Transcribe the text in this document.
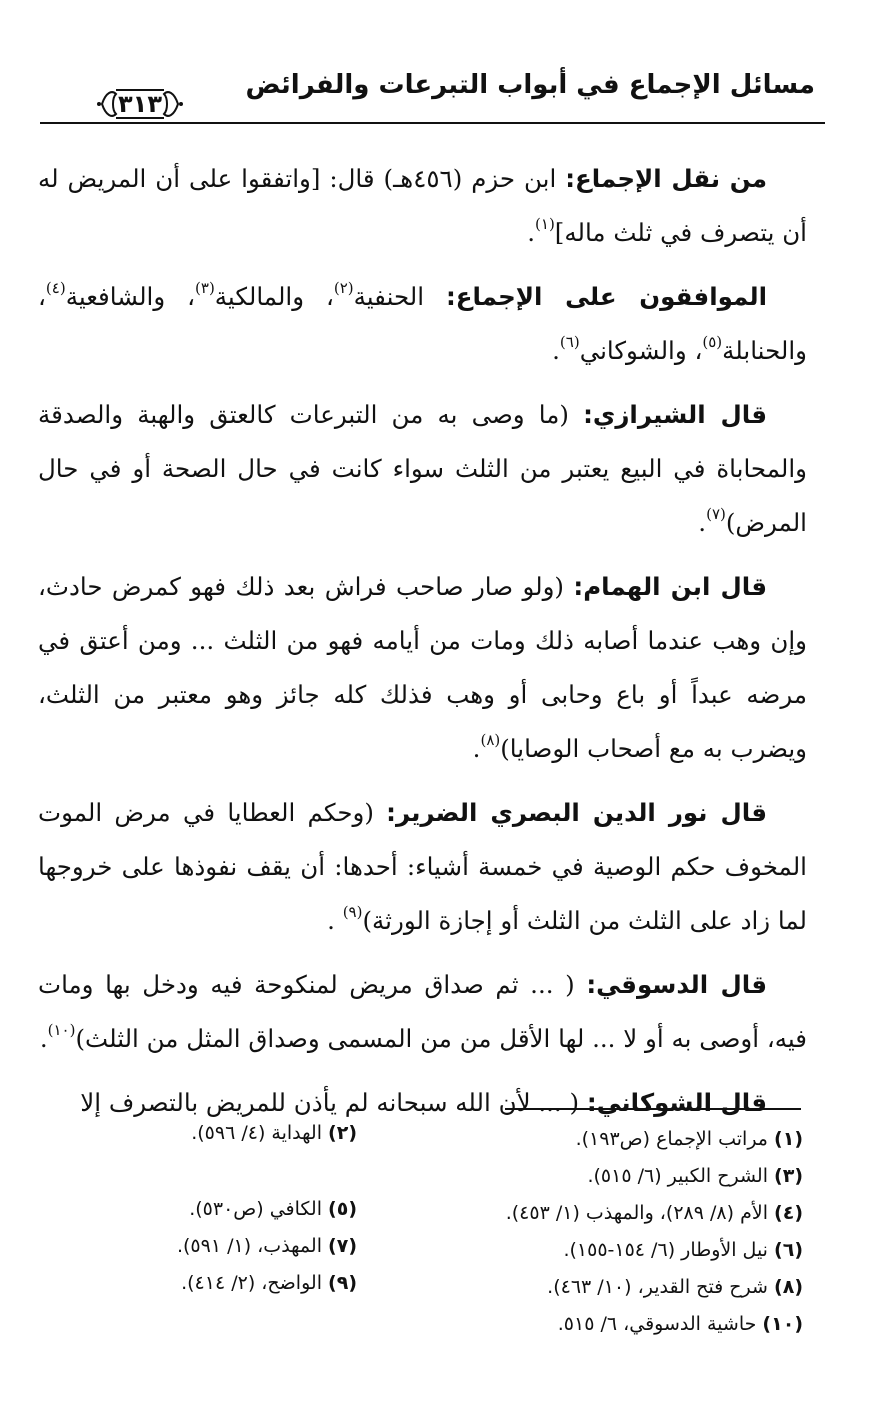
مسائل الإجماع في أبواب التبرعات والفرائض
٣١٣

من نقل الإجماع: ابن حزم (٤٥٦هـ) قال: [واتفقوا على أن المريض له أن يتصرف في ثلث ماله]$^{(١)}$.

الموافقون على الإجماع: الحنفية$^{(٢)}$، والمالكية$^{(٣)}$، والشافعية$^{(٤)}$، والحنابلة$^{(٥)}$، والشوكاني$^{(٦)}$.

قال الشيرازي: (ما وصى به من التبرعات كالعتق والهبة والصدقة والمحاباة في البيع يعتبر من الثلث سواء كانت في حال الصحة أو في حال المرض)$^{(٧)}$.

قال ابن الهمام: (ولو صار صاحب فراش بعد ذلك فهو كمرض حادث، وإن وهب عندما أصابه ذلك ومات من أيامه فهو من الثلث ... ومن أعتق في مرضه عبداً أو باع وحابى أو وهب فذلك كله جائز وهو معتبر من الثلث، ويضرب به مع أصحاب الوصايا)$^{(٨)}$.

قال نور الدين البصري الضرير: (وحكم العطايا في مرض الموت المخوف حكم الوصية في خمسة أشياء: أحدها: أن يقف نفوذها على خروجها لما زاد على الثلث من الثلث أو إجازة الورثة)$^{(٩)}$ .

قال الدسوقي: ( ... ثم صداق مريض لمنكوحة فيه ودخل بها ومات فيه، أوصى به أو لا ... لها الأقل من من المسمى وصداق المثل من الثلث)$^{(١٠)}$.

قال الشوكاني: ( ... لأن الله سبحانه لم يأذن للمريض بالتصرف إلا

(١) مراتب الإجماع (ص١٩٣).
(٣) الشرح الكبير (٦/ ٥١٥).
(٤) الأم (٨/ ٢٨٩)، والمهذب (١/ ٤٥٣).
(٦) نيل الأوطار (٦/ ١٥٤-١٥٥).
(٨) شرح فتح القدير، (١٠/ ٤٦٣).
(١٠) حاشية الدسوقي، ٦/ ٥١٥.
(٢) الهداية (٤/ ٥٩٦).
(٥) الكافي (ص٥٣٠).
(٧) المهذب، (١/ ٥٩١).
(٩) الواضح، (٢/ ٤١٤).
